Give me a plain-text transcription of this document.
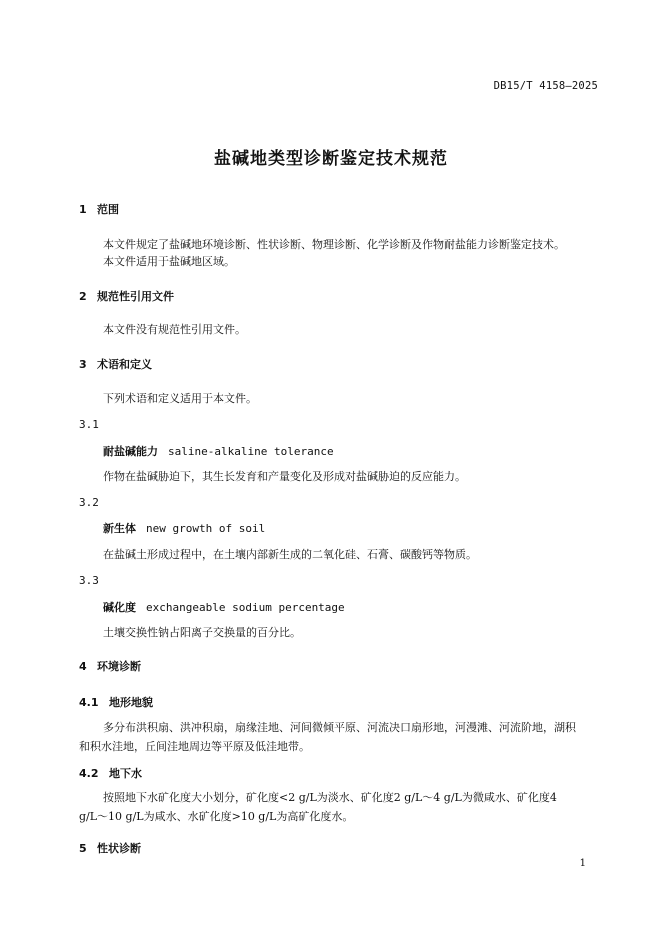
DB15/T 4158—2025
盐碱地类型诊断鉴定技术规范
1 范围
本文件规定了盐碱地环境诊断、性状诊断、物理诊断、化学诊断及作物耐盐能力诊断鉴定技术。
本文件适用于盐碱地区域。
2 规范性引用文件
本文件没有规范性引用文件。
3 术语和定义
下列术语和定义适用于本文件。
3.1
耐盐碱能力 saline-alkaline tolerance
作物在盐碱胁迫下，其生长发育和产量变化及形成对盐碱胁迫的反应能力。
3.2
新生体 new growth of soil
在盐碱土形成过程中，在土壤内部新生成的二氧化硅、石膏、碳酸钙等物质。
3.3
碱化度 exchangeable sodium percentage
土壤交换性钠占阳离子交换量的百分比。
4 环境诊断
4.1 地形地貌
多分布洪积扇、洪冲积扇，扇缘洼地、河间微倾平原、河流决口扇形地，河漫滩、河流阶地，湖积
和积水洼地，丘间洼地周边等平原及低洼地带。
4.2 地下水
按照地下水矿化度大小划分，矿化度<2 g/L为淡水、矿化度2 g/L～4 g/L为微咸水、矿化度4
g/L～10 g/L为咸水、水矿化度>10 g/L为高矿化度水。
5 性状诊断
1
